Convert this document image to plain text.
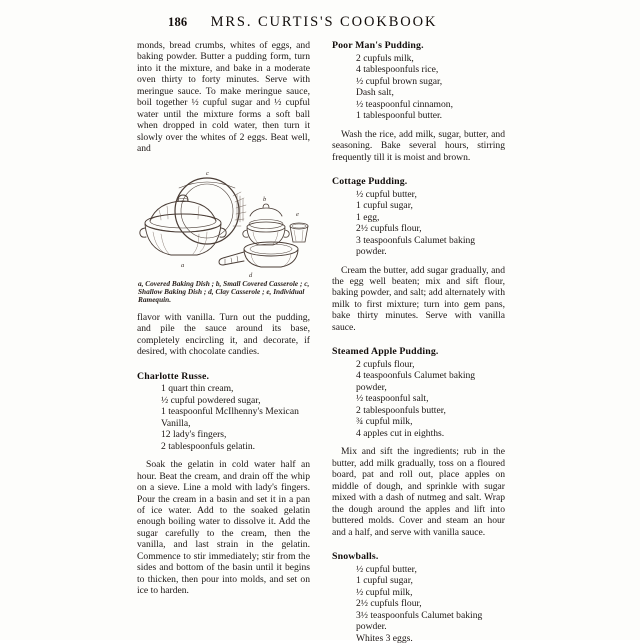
186	MRS. CURTIS'S COOKBOOK

monds, bread crumbs, whites of eggs, and baking powder. Butter a pudding form, turn into it the mixture, and bake in a moderate oven thirty to forty minutes. Serve with meringue sauce. To make meringue sauce, boil together ½ cupful sugar and ½ cupful water until the mixture forms a soft ball when dropped in cold water, then turn it slowly over the whites of 2 eggs. Beat well, and

c
a
b
e
d
a, Covered Baking Dish ; b, Small Covered Casserole ; c, Shallow Baking Dish ; d, Clay Casserole ; e, Individual Ramequin.

flavor with vanilla. Turn out the pudding, and pile the sauce around its base, completely encircling it, and decorate, if desired, with chocolate candies.

Charlotte Russe.
1 quart thin cream,
½ cupful powdered sugar,
1 teaspoonful McIlhenny's Mexican Vanilla,
12 lady's fingers,
2 tablespoonfuls gelatin.

Soak the gelatin in cold water half an hour. Beat the cream, and drain off the whip on a sieve. Line a mold with lady's fingers. Pour the cream in a basin and set it in a pan of ice water. Add to the soaked gelatin enough boiling water to dissolve it. Add the sugar carefully to the cream, then the vanilla, and last strain in the gelatin. Commence to stir immediately; stir from the sides and bottom of the basin until it begins to thicken, then pour into molds, and set on ice to harden.

Poor Man's Pudding.
2 cupfuls milk,
4 tablespoonfuls rice,
½ cupful brown sugar,
Dash salt,
½ teaspoonful cinnamon,
1 tablespoonful butter.

Wash the rice, add milk, sugar, butter, and seasoning. Bake several hours, stirring frequently till it is moist and brown.

Cottage Pudding.
½ cupful butter,
1 cupful sugar,
1 egg,
2½ cupfuls flour,
3 teaspoonfuls Calumet baking powder.

Cream the butter, add sugar gradually, and the egg well beaten; mix and sift flour, baking powder, and salt; add alternately with milk to first mixture; turn into gem pans, bake thirty minutes. Serve with vanilla sauce.

Steamed Apple Pudding.
2 cupfuls flour,
4 teaspoonfuls Calumet baking powder,
½ teaspoonful salt,
2 tablespoonfuls butter,
¾ cupful milk,
4 apples cut in eighths.

Mix and sift the ingredients; rub in the butter, add milk gradually, toss on a floured board, pat and roll out, place apples on middle of dough, and sprinkle with sugar mixed with a dash of nutmeg and salt. Wrap the dough around the apples and lift into buttered molds. Cover and steam an hour and a half, and serve with vanilla sauce.

Snowballs.
½ cupful butter,
1 cupful sugar,
½ cupful milk,
2½ cupfuls flour,
3½ teaspoonfuls Calumet baking powder.
Whites 3 eggs.
